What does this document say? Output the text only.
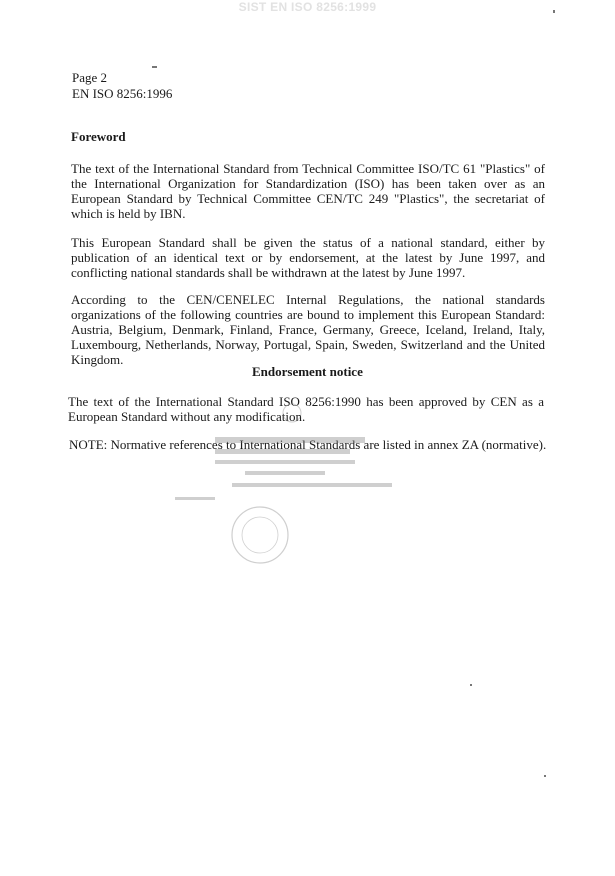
SIST EN ISO 8256:1999
Page 2
EN ISO 8256:1996
Foreword
The text of the International Standard from Technical Committee ISO/TC 61 "Plastics" of the International Organization for Standardization (ISO) has been taken over as an European Standard by Technical Committee CEN/TC 249 "Plastics", the secretariat of which is held by IBN.
This European Standard shall be given the status of a national standard, either by publication of an identical text or by endorsement, at the latest by June 1997, and conflicting national standards shall be withdrawn at the latest by June 1997.
According to the CEN/CENELEC Internal Regulations, the national standards organizations of the following countries are bound to implement this European Standard: Austria, Belgium, Denmark, Finland, France, Germany, Greece, Iceland, Ireland, Italy, Luxembourg, Netherlands, Norway, Portugal, Spain, Sweden, Switzerland and the United Kingdom.
Endorsement notice
The text of the International Standard ISO 8256:1990 has been approved by CEN as a European Standard without any modification.
NOTE: Normative references to International Standards are listed in annex ZA (normative).
